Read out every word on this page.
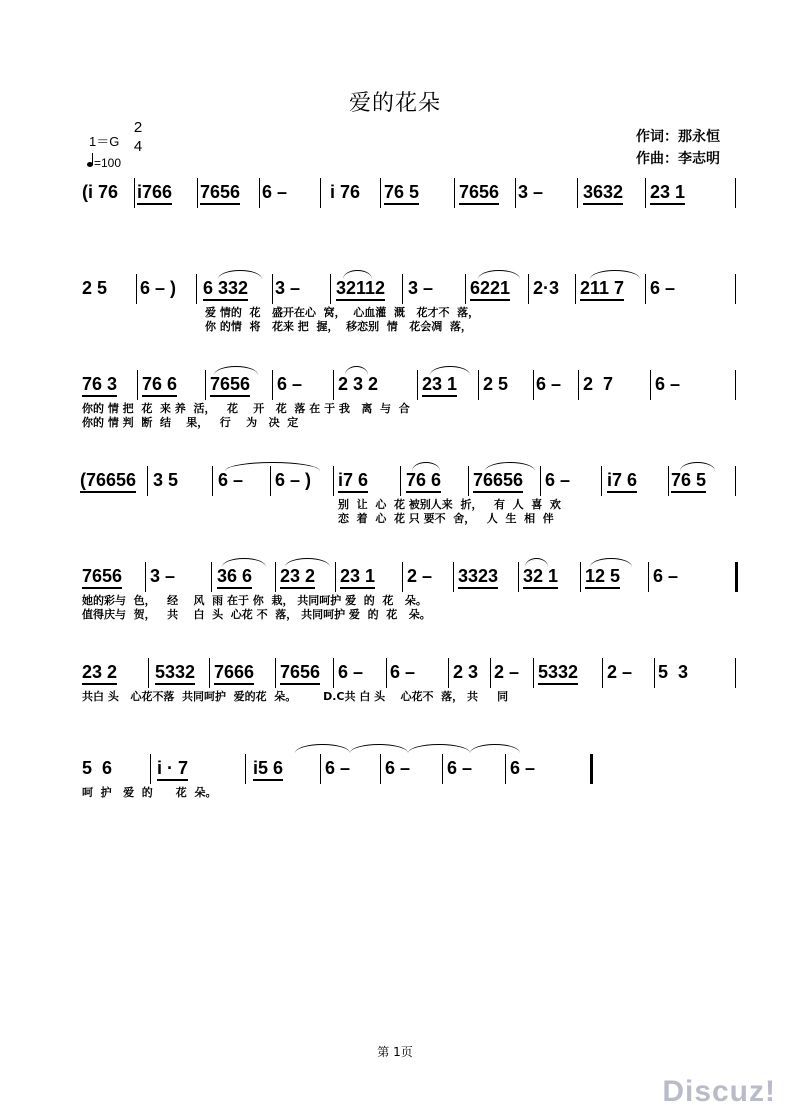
爱的花朵
1＝G
2
4
=100
作词：那永恒
作曲：李志明
(i 76 i766 7656 6 – i 76 76 5 7656 3 – 3632 23 1
2 5 6 – ) 6 332 3 – 32112 3 – 6221 2·3 211 7 6 –
爱 情的  花   盛开在心  窝，  心血灌  溉   花才不  落，
你 的情  将   花来 把  握，  移恋别  情   花会凋  落，
76 3 76 6 7656 6 – 2 3 2 23 1 2 5 6 – 2  7 6 –
你的 情 把  花  来 养  活，   花    开   花  落 在 于 我   离  与  合
你的 情 判  断  结    果，   行    为   决  定
(76656 3 5 6 – 6 – ) i7 6 76 6 76656 6 – i7 6 76 5
别  让  心  花 被别人来  折，   有  人  喜  欢
恋  着  心  花 只 要不  舍，   人  生  相  伴
7656 3 – 36 6 23 2 23 1 2 – 3323 32 1 12 5 6 –
她的彩与  色，   经    风  雨 在于 你  栽， 共同呵护 爱  的  花   朵。
值得庆与  贺，   共    白  头  心花 不  落， 共同呵护 爱  的  花   朵。
23 2 5332 7666 7656 6 – 6 – 2 3 2 – 5332 2 – 5  3
共白 头   心花不落  共同呵护  爱的花  朵。       D.C共 白 头    心花不  落， 共     同
5  6 i · 7	i5 6 6 – 6 – 6 – 6 –
呵  护   爱  的      花  朵。
第 1页
Discuz!
